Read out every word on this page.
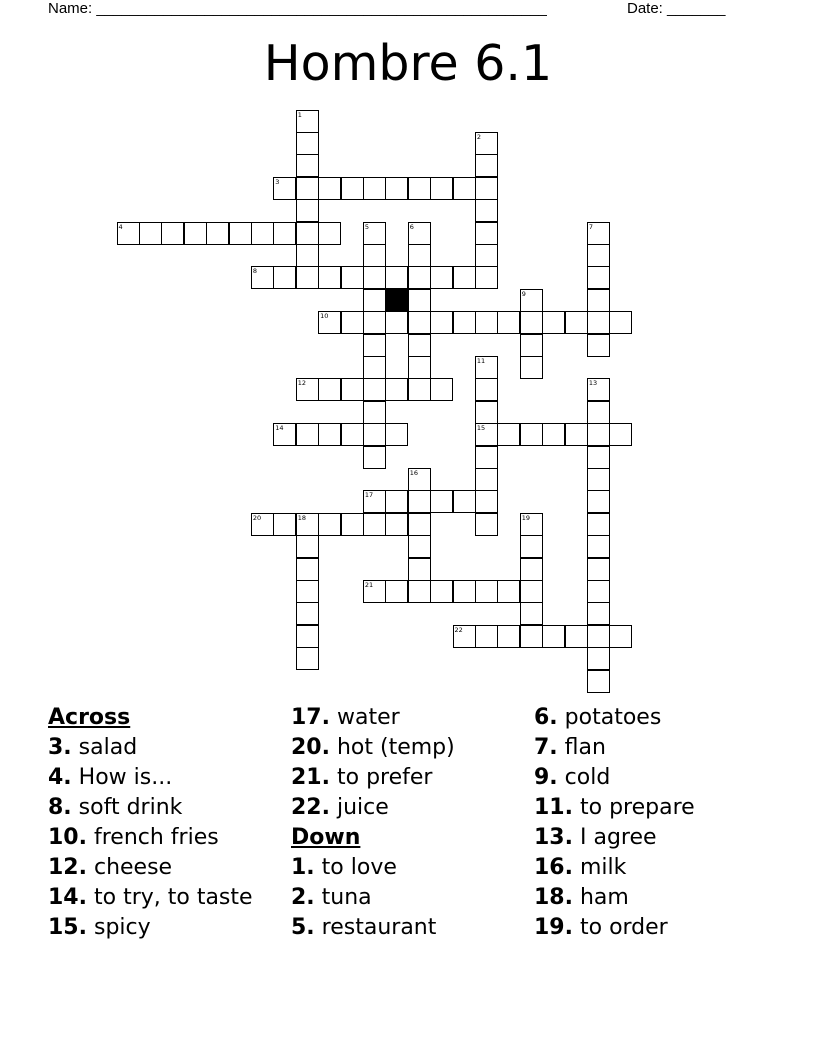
Name: ______________________________________________________	Date: _______
Hombre 6.1
3
4
8
10
12
14	15
17
20	18
21
22
1
2
5	6	7
9
11
13
16
19
Across
3. salad
4. How is...
8. soft drink
10. french fries
12. cheese
14. to try, to taste
15. spicy
17. water
20. hot (temp)
21. to prefer
22. juice
Down
1. to love
2. tuna
5. restaurant
6. potatoes
7. flan
9. cold
11. to prepare
13. I agree
16. milk
18. ham
19. to order
